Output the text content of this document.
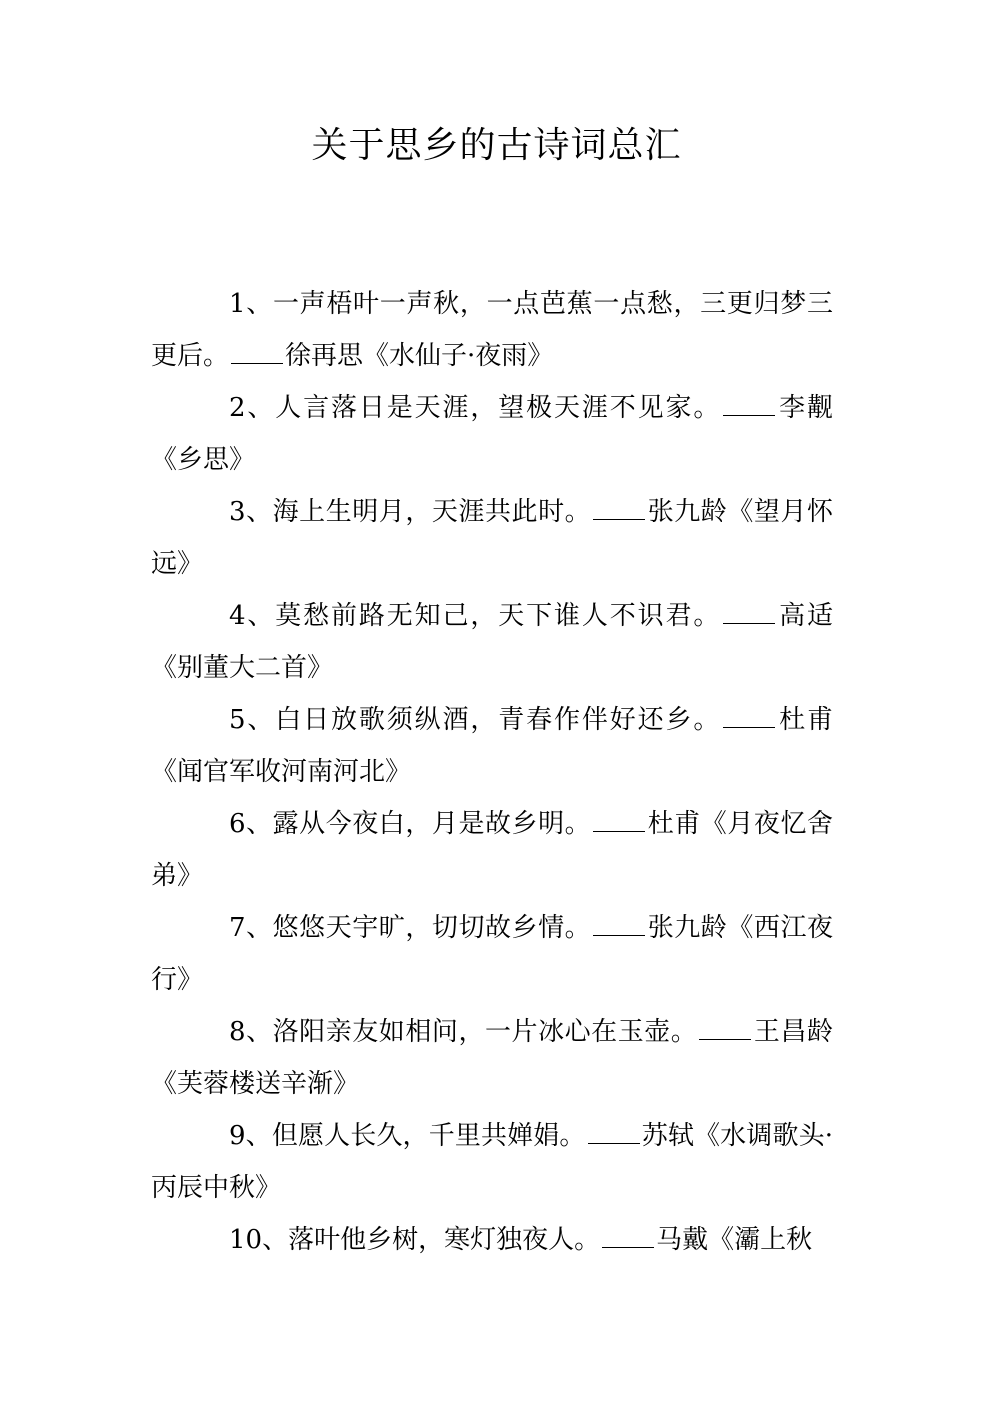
关于思乡的古诗词总汇

1、一声梧叶一声秋，一点芭蕉一点愁，三更归梦三更后。 徐再思《水仙子·夜雨》

2、人言落日是天涯，望极天涯不见家。 李觏《乡思》

3、海上生明月，天涯共此时。 张九龄《望月怀远》

4、莫愁前路无知己，天下谁人不识君。 高适《别董大二首》

5、白日放歌须纵酒，青春作伴好还乡。 杜甫《闻官军收河南河北》

6、露从今夜白，月是故乡明。 杜甫《月夜忆舍弟》

7、悠悠天宇旷，切切故乡情。 张九龄《西江夜行》

8、洛阳亲友如相问，一片冰心在玉壶。 王昌龄《芙蓉楼送辛渐》

9、但愿人长久，千里共婵娟。 苏轼《水调歌头·丙辰中秋》

10、落叶他乡树，寒灯独夜人。 马戴《灞上秋
